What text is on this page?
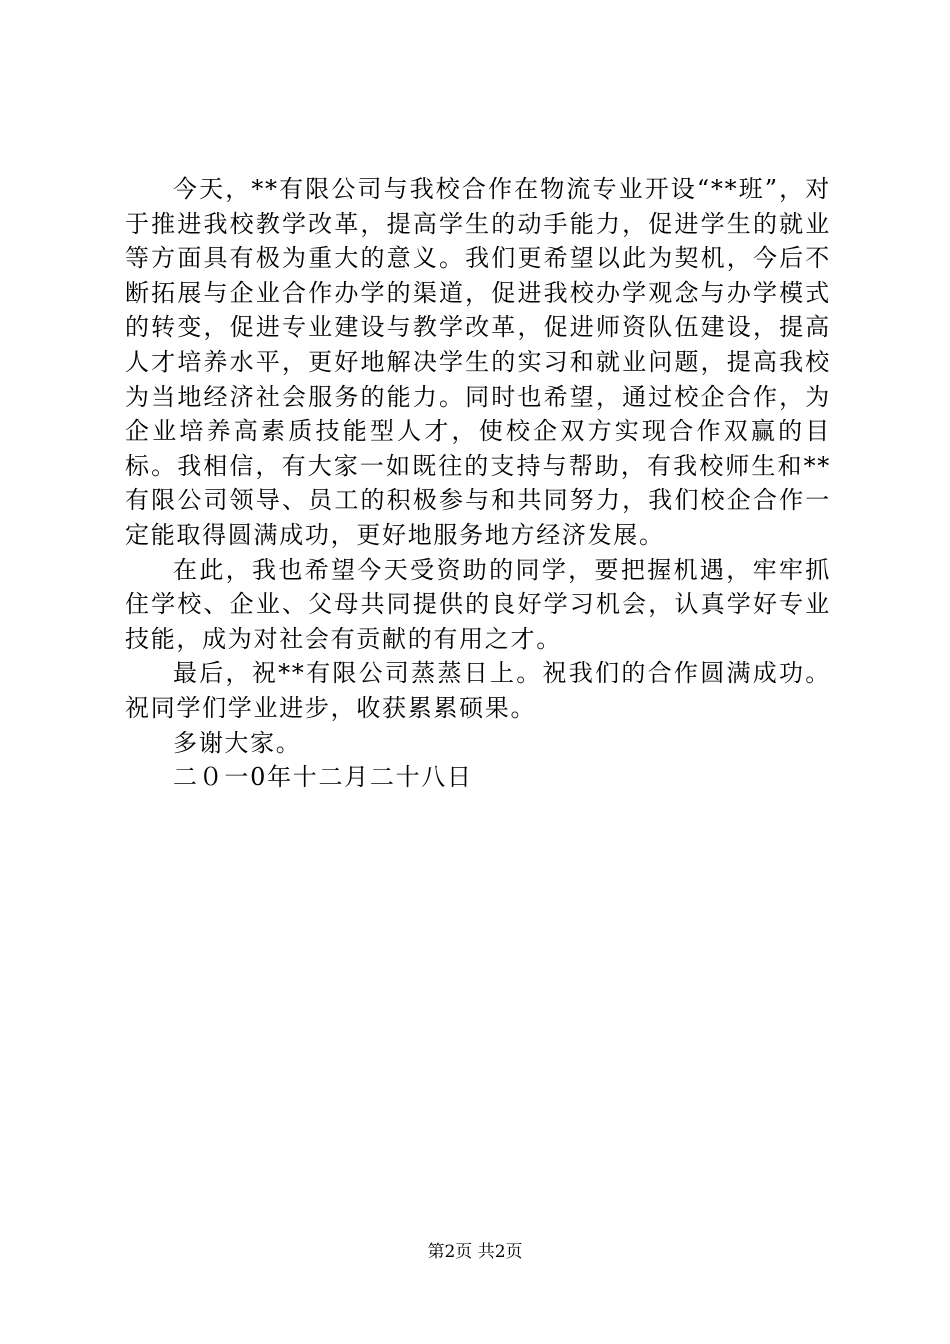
今天，**有限公司与我校合作在物流专业开设“**班”，对于推进我校教学改革，提高学生的动手能力，促进学生的就业等方面具有极为重大的意义。我们更希望以此为契机，今后不断拓展与企业合作办学的渠道，促进我校办学观念与办学模式的转变，促进专业建设与教学改革，促进师资队伍建设，提高人才培养水平，更好地解决学生的实习和就业问题，提高我校为当地经济社会服务的能力。同时也希望，通过校企合作，为企业培养高素质技能型人才，使校企双方实现合作双赢的目标。我相信，有大家一如既往的支持与帮助，有我校师生和**有限公司领导、员工的积极参与和共同努力，我们校企合作一定能取得圆满成功，更好地服务地方经济发展。

在此，我也希望今天受资助的同学，要把握机遇，牢牢抓住学校、企业、父母共同提供的良好学习机会，认真学好专业技能，成为对社会有贡献的有用之才。

最后，祝**有限公司蒸蒸日上。祝我们的合作圆满成功。祝同学们学业进步，收获累累硕果。

多谢大家。

二０一0年十二月二十八日

第2页 共2页
